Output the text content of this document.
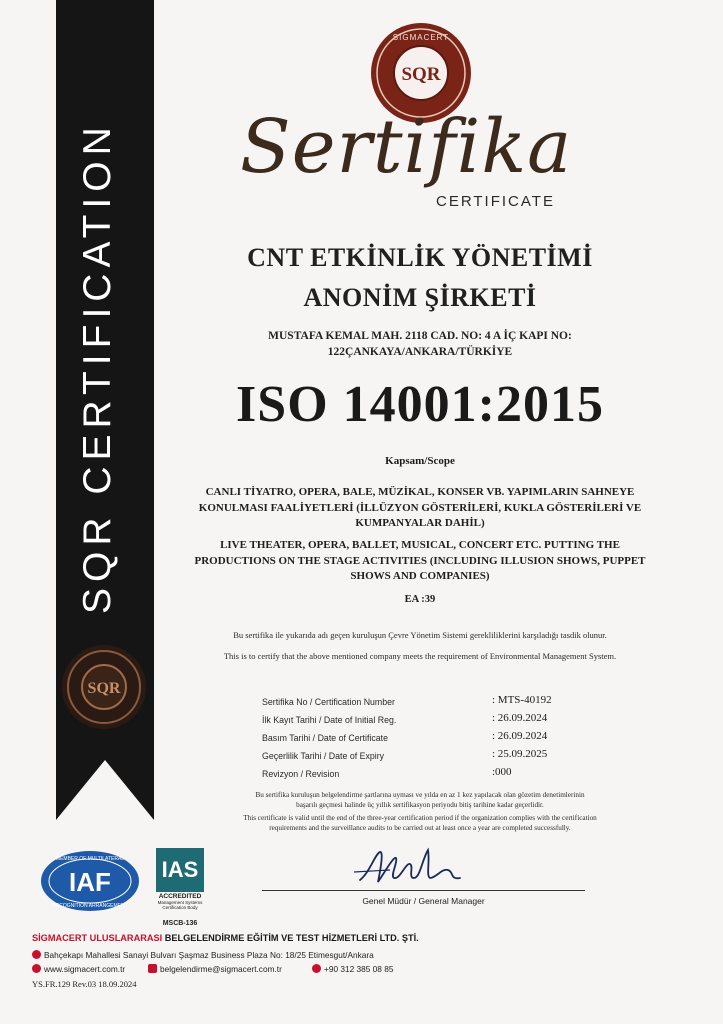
SQR CERTIFICATION
SQR
SQR
SIGMACERT
Sertifika
CERTIFICATE
CNT ETKİNLİK YÖNETİMİ
ANONİM ŞİRKETİ
MUSTAFA KEMAL MAH. 2118 CAD. NO: 4 A İÇ KAPI NO:
122ÇANKAYA/ANKARA/TÜRKİYE
ISO 14001:2015
Kapsam/Scope
CANLI TİYATRO, OPERA, BALE, MÜZİKAL, KONSER VB. YAPIMLARIN SAHNEYE
KONULMASI FAALİYETLERİ (İLLÜZYON GÖSTERİLERİ, KUKLA GÖSTERİLERİ VE
KUMPANYALAR DAHİL)
LIVE THEATER, OPERA, BALLET, MUSICAL, CONCERT ETC. PUTTING THE
PRODUCTIONS ON THE STAGE ACTIVITIES (INCLUDING ILLUSION SHOWS, PUPPET
SHOWS AND COMPANIES)
EA :39
Bu sertifika ile yukarıda adı geçen kuruluşun Çevre Yönetim Sistemi gerekliliklerini karşıladığı tasdik olunur.
This is to certify that the above mentioned company meets the requirement of Environmental Management System.
Sertifika No / Certification Number	: MTS-40192
İlk Kayıt Tarihi / Date of Initial Reg.	: 26.09.2024
Basım Tarihi / Date of Certificate	: 26.09.2024
Geçerlilik Tarihi / Date of Expiry	: 25.09.2025
Revizyon / Revision	:000
Bu sertifika kuruluşun belgelendirme şartlarına uyması ve yılda en az 1 kez yapılacak olan gözetim denetimlerinin
başarılı geçmesi halinde üç yıllık sertifikasyon periyodu bitiş tarihine kadar geçerlidir.
This certificate is valid until the end of the three-year certification period if the organization complies with the certification
requirements and the surveillance audits to be carried out at least once a year are completed successfully.
IAF
MEMBER OF MULTILATERAL
RECOGNITION ARRANGEMENT
IAS
ACCREDITED
Management Systems Certification Body
MSCB-136
Genel Müdür / General Manager
SİGMACERT ULUSLARARASI BELGELENDİRME EĞİTİM VE TEST HİZMETLERİ LTD. ŞTİ.
Bahçekapı Mahallesi Sanayi Bulvarı Şaşmaz Business Plaza No: 18/25 Etimesgut/Ankara
www.sigmacert.com.tr	belgelendirme@sigmacert.com.tr	+90 312 385 08 85
YS.FR.129 Rev.03 18.09.2024
